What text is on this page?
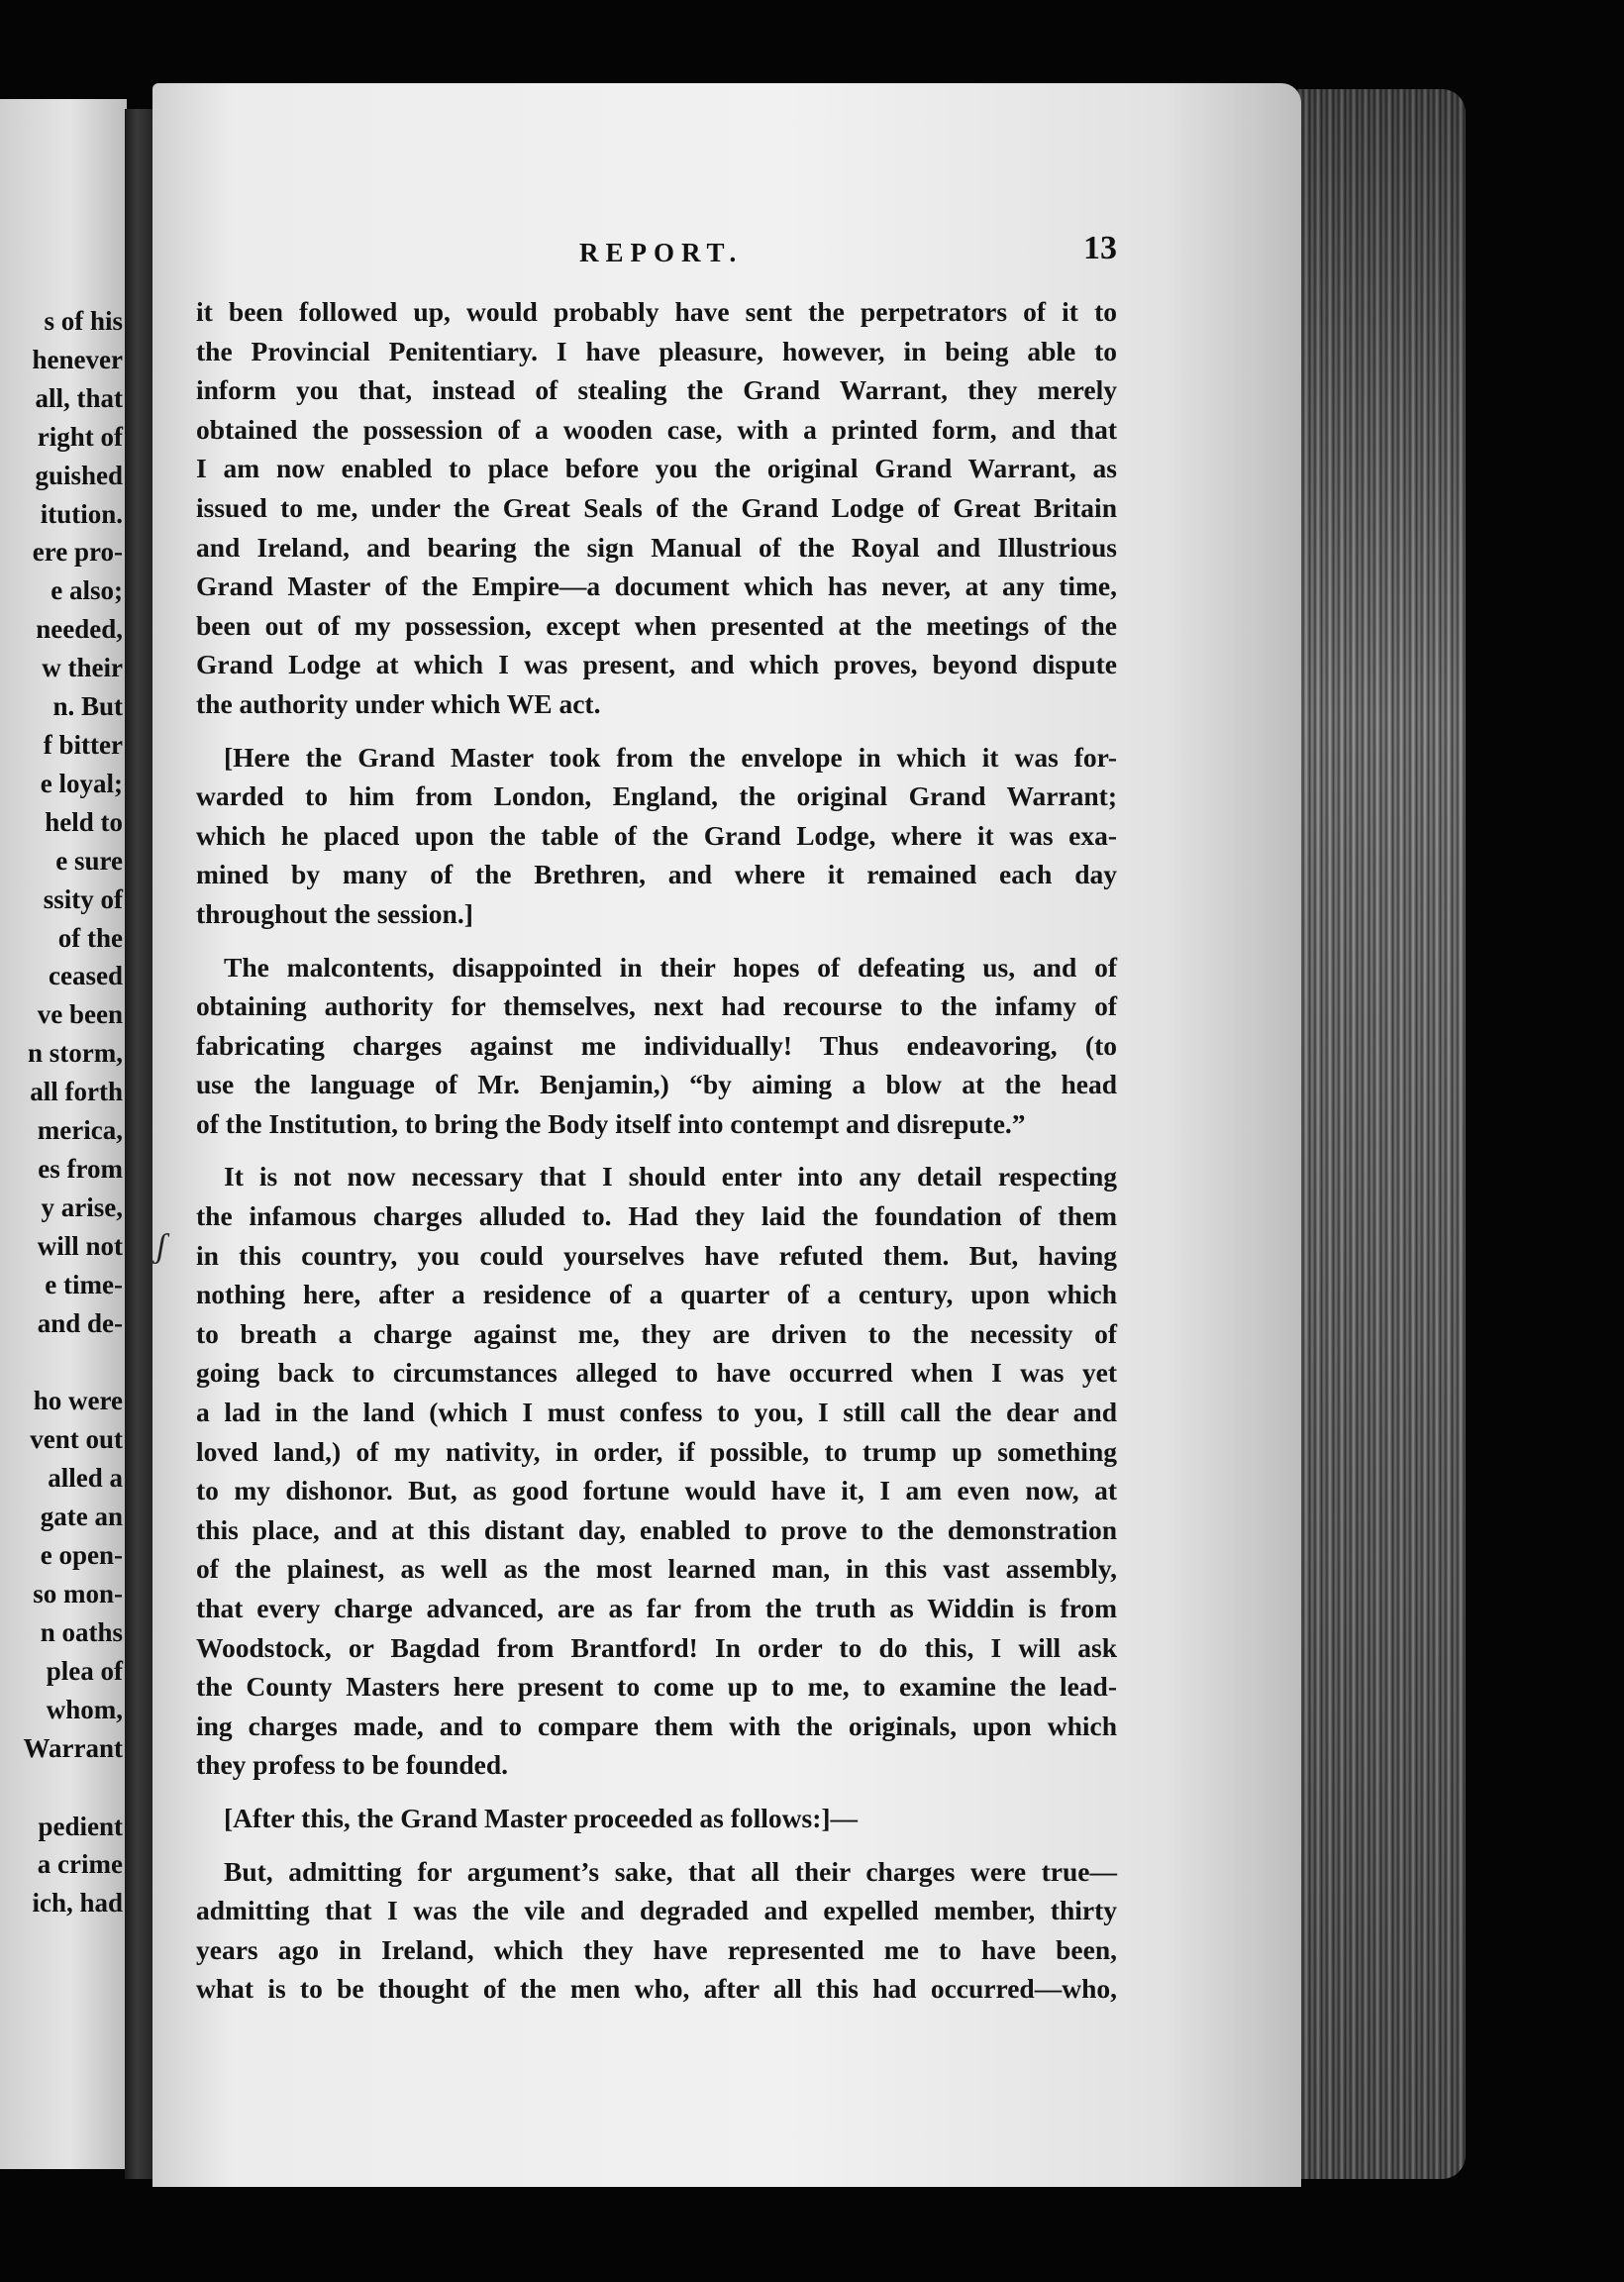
s of his
henever
all, that
right of
guished
itution.
ere pro-
e also;
needed,
w their
n. But
f bitter
e loyal;
held to
e sure
ssity of
of the
ceased
ve been
n storm,
all forth
merica,
es from
y arise,
will not
e time-
and de-
ho were
vent out
alled a
gate an
e open-
so mon-
n oaths
plea of
whom,
Warrant
pedient
a crime
ich, had
REPORT.	13
ʃ
it been followed up, would probably have sent the perpetrators of it to
the Provincial Penitentiary. I have pleasure, however, in being able to
inform you that, instead of stealing the Grand Warrant, they merely
obtained the possession of a wooden case, with a printed form, and that
I am now enabled to place before you the original Grand Warrant, as
issued to me, under the Great Seals of the Grand Lodge of Great Britain
and Ireland, and bearing the sign Manual of the Royal and Illustrious
Grand Master of the Empire—a document which has never, at any time,
been out of my possession, except when presented at the meetings of the
Grand Lodge at which I was present, and which proves, beyond dispute
the authority under which WE act.
[Here the Grand Master took from the envelope in which it was for-
warded to him from London, England, the original Grand Warrant;
which he placed upon the table of the Grand Lodge, where it was exa-
mined by many of the Brethren, and where it remained each day
throughout the session.]
The malcontents, disappointed in their hopes of defeating us, and of
obtaining authority for themselves, next had recourse to the infamy of
fabricating charges against me individually! Thus endeavoring, (to
use the language of Mr. Benjamin,) “by aiming a blow at the head
of the Institution, to bring the Body itself into contempt and disrepute.”
It is not now necessary that I should enter into any detail respecting
the infamous charges alluded to. Had they laid the foundation of them
in this country, you could yourselves have refuted them. But, having
nothing here, after a residence of a quarter of a century, upon which
to breath a charge against me, they are driven to the necessity of
going back to circumstances alleged to have occurred when I was yet
a lad in the land (which I must confess to you, I still call the dear and
loved land,) of my nativity, in order, if possible, to trump up something
to my dishonor. But, as good fortune would have it, I am even now, at
this place, and at this distant day, enabled to prove to the demonstration
of the plainest, as well as the most learned man, in this vast assembly,
that every charge advanced, are as far from the truth as Widdin is from
Woodstock, or Bagdad from Brantford! In order to do this, I will ask
the County Masters here present to come up to me, to examine the lead-
ing charges made, and to compare them with the originals, upon which
they profess to be founded.
[After this, the Grand Master proceeded as follows:]—
But, admitting for argument’s sake, that all their charges were true—
admitting that I was the vile and degraded and expelled member, thirty
years ago in Ireland, which they have represented me to have been,
what is to be thought of the men who, after all this had occurred—who,
